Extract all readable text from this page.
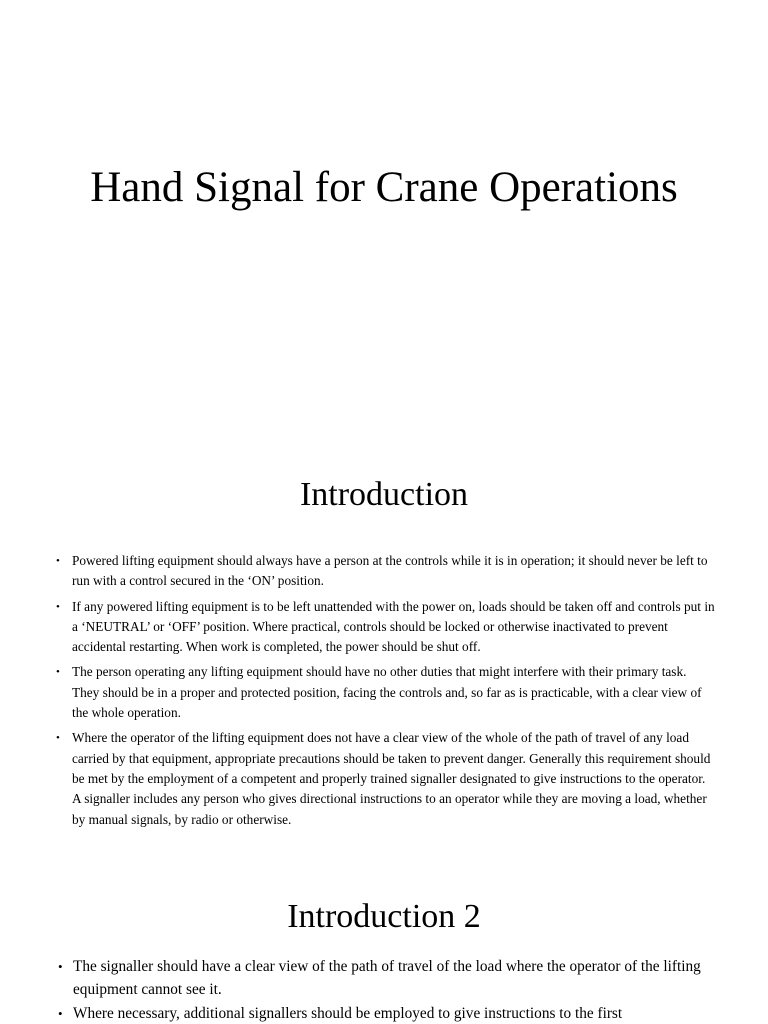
Hand Signal for Crane Operations
Introduction
• Powered lifting equipment should always have a person at the controls while it is in operation; it should never be left to run with a control secured in the ‘ON’ position.
• If any powered lifting equipment is to be left unattended with the power on, loads should be taken off and controls put in a ‘NEUTRAL’ or ‘OFF’ position. Where practical, controls should be locked or otherwise inactivated to prevent accidental restarting. When work is completed, the power should be shut off.
• The person operating any lifting equipment should have no other duties that might interfere with their primary task. They should be in a proper and protected position, facing the controls and, so far as is practicable, with a clear view of the whole operation.
• Where the operator of the lifting equipment does not have a clear view of the whole of the path of travel of any load carried by that equipment, appropriate precautions should be taken to prevent danger. Generally this requirement should be met by the employment of a competent and properly trained signaller designated to give instructions to the operator. A signaller includes any person who gives directional instructions to an operator while they are moving a load, whether by manual signals, by radio or otherwise.
Introduction 2
• The signaller should have a clear view of the path of travel of the load where the operator of the lifting equipment cannot see it.
• Where necessary, additional signallers should be employed to give instructions to the first
